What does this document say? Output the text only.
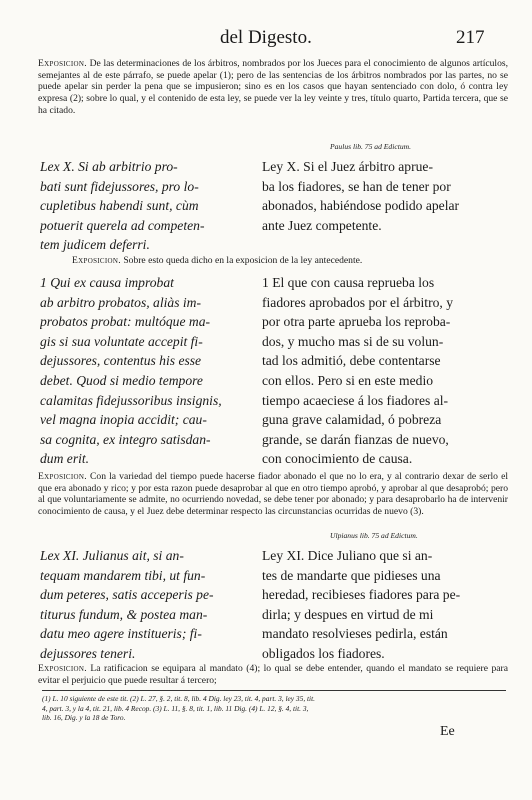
del Digesto.	217
Exposicion. De las determinaciones de los árbitros, nombrados por los Jueces para el conocimiento de algunos artículos, semejantes al de este párrafo, se puede apelar (1); pero de las sentencias de los árbitros nombrados por las partes, no se puede apelar sin perder la pena que se impusieron; sino es en los casos que hayan sentenciado con dolo, ó contra ley expresa (2); sobre lo qual, y el contenido de esta ley, se puede ver la ley veinte y tres, título quarto, Partida tercera, que se ha citado.
Paulus lib. 75 ad Edictum.
Lex X. Si ab arbitrio pro-
bati sunt fidejussores, pro lo-
cupletibus habendi sunt, cùm
potuerit querela ad competen-
tem judicem deferri.
Ley X. Si el Juez árbitro aprue-
ba los fiadores, se han de tener por
abonados, habiéndose podido apelar
ante Juez competente.
Exposicion. Sobre esto queda dicho en la exposicion de la ley antecedente.
1 Qui ex causa improbat
ab arbitro probatos, aliàs im-
probatos probat: multóque ma-
gis si sua voluntate accepit fi-
dejussores, contentus his esse
debet. Quod si medio tempore
calamitas fidejussoribus insignis,
vel magna inopia accidit; cau-
sa cognita, ex integro satisdan-
dum erit.
1 El que con causa reprueba los
fiadores aprobados por el árbitro, y
por otra parte aprueba los reproba-
dos, y mucho mas si de su volun-
tad los admitió, debe contentarse
con ellos. Pero si en este medio
tiempo acaeciese á los fiadores al-
guna grave calamidad, ó pobreza
grande, se darán fianzas de nuevo,
con conocimiento de causa.
Exposicion. Con la variedad del tiempo puede hacerse fiador abonado el que no lo era, y al contrario dexar de serlo el que era abonado y rico; y por esta razon puede desaprobar al que en otro tiempo aprobó, y aprobar al que desaprobó; pero al que voluntariamente se admite, no ocurriendo novedad, se debe tener por abonado; y para desaprobarlo ha de intervenir conocimiento de causa, y el Juez debe determinar respecto las circunstancias ocurridas de nuevo (3).
Ulpianus lib. 75 ad Edictum.
Lex XI. Julianus ait, si an-
tequam mandarem tibi, ut fun-
dum peteres, satis acceperis pe-
titurus fundum, & postea man-
datu meo agere institueris; fi-
dejussores teneri.
Ley XI. Dice Juliano que si an-
tes de mandarte que pidieses una
heredad, recibieses fiadores para pe-
dirla; y despues en virtud de mi
mandato resolvieses pedirla, están
obligados los fiadores.
Exposicion. La ratificacion se equipara al mandato (4); lo qual se debe entender, quando el mandato se requiere para evitar el perjuicio que puede resultar á tercero;
(1) L. 10 siguiente de este tit. (2) L. 27, §. 2, tit. 8, lib. 4 Dig. ley 23, tit. 4, part. 3, ley 35, tit.
4, part. 3, y la 4, tit. 21, lib. 4 Recop. (3) L. 11, §. 8, tit. 1, lib. 11 Dig. (4) L. 12, §. 4, tit. 3,
lib. 16, Dig. y la 18 de Toro.
Ee
